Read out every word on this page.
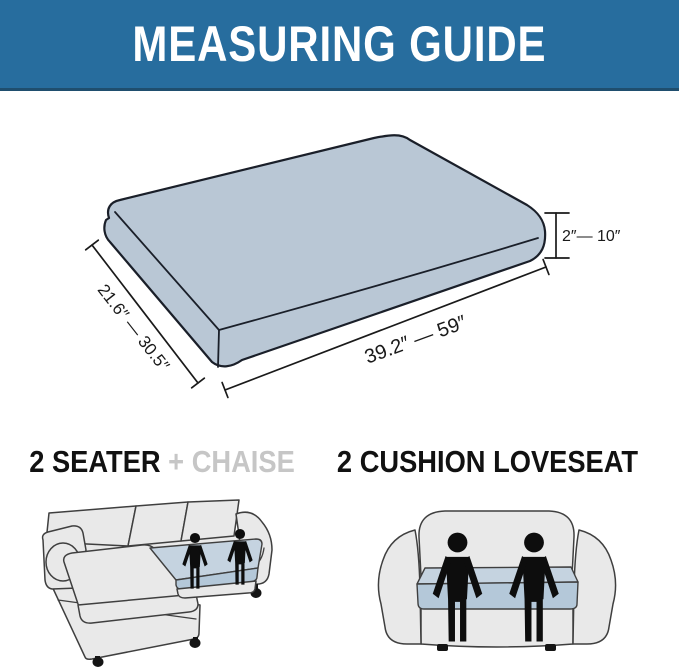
MEASURING GUIDE
21.6″ — 30.5″	39.2″ — 59″
2″— 10″
2 SEATER + CHAISE 2 CUSHION LOVESEAT
